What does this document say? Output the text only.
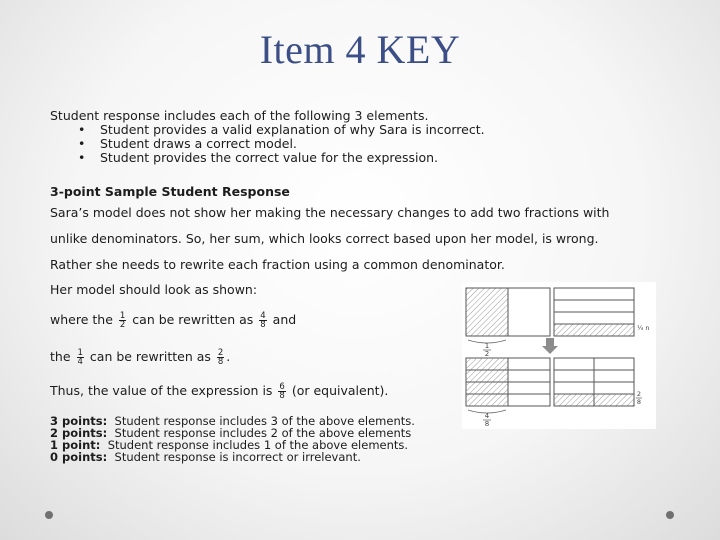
Item 4 KEY
Student response includes each of the following 3 elements.
• Student provides a valid explanation of why Sara is incorrect.
• Student draws a correct model.
• Student provides the correct value for the expression.
3-point Sample Student Response
Sara’s model does not show her making the necessary changes to add two fractions with
unlike denominators. So, her sum, which looks correct based upon her model, is wrong.
Rather she needs to rewrite each fraction using a common denominator.
Her model should look as shown:
where the $\frac{1}{2}$ can be rewritten as $\frac{4}{8}$ and
the $\frac{1}{4}$ can be rewritten as $\frac{2}{8}$ .
Thus, the value of the expression is $\frac{6}{8} (or$ equivalent).
3 points: Student response includes 3 of the above elements.
2 points: Student response includes 2 of the above elements
1 point: Student response includes 1 of the above elements.
0 points: Student response is incorrect or irrelevant.
1
2
¼ n
4
8
2
8
